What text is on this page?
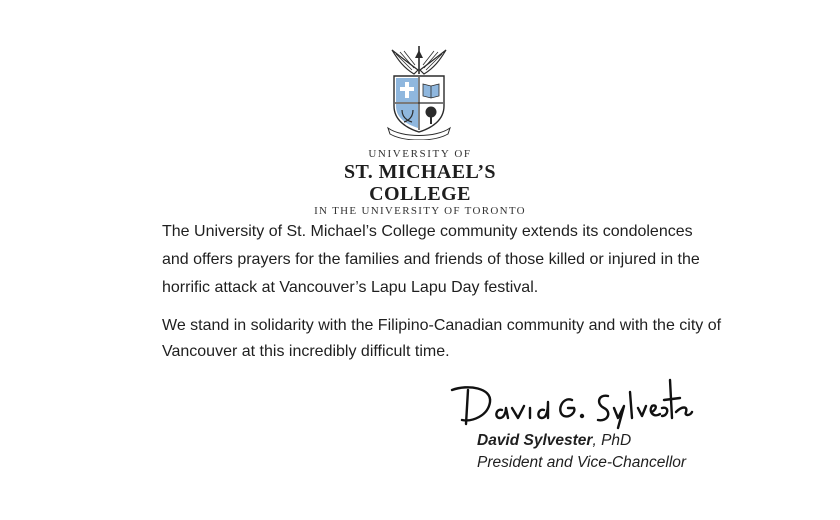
UNIVERSITY OF
ST. MICHAEL’S COLLEGE
IN THE UNIVERSITY OF TORONTO

The University of St. Michael’s College community extends its condolences and offers prayers for the families and friends of those killed or injured in the horrific attack at Vancouver’s Lapu Lapu Day festival.

We stand in solidarity with the Filipino-Canadian community and with the city of Vancouver at this incredibly difficult time.

David Sylvester, PhD
President and Vice-Chancellor
